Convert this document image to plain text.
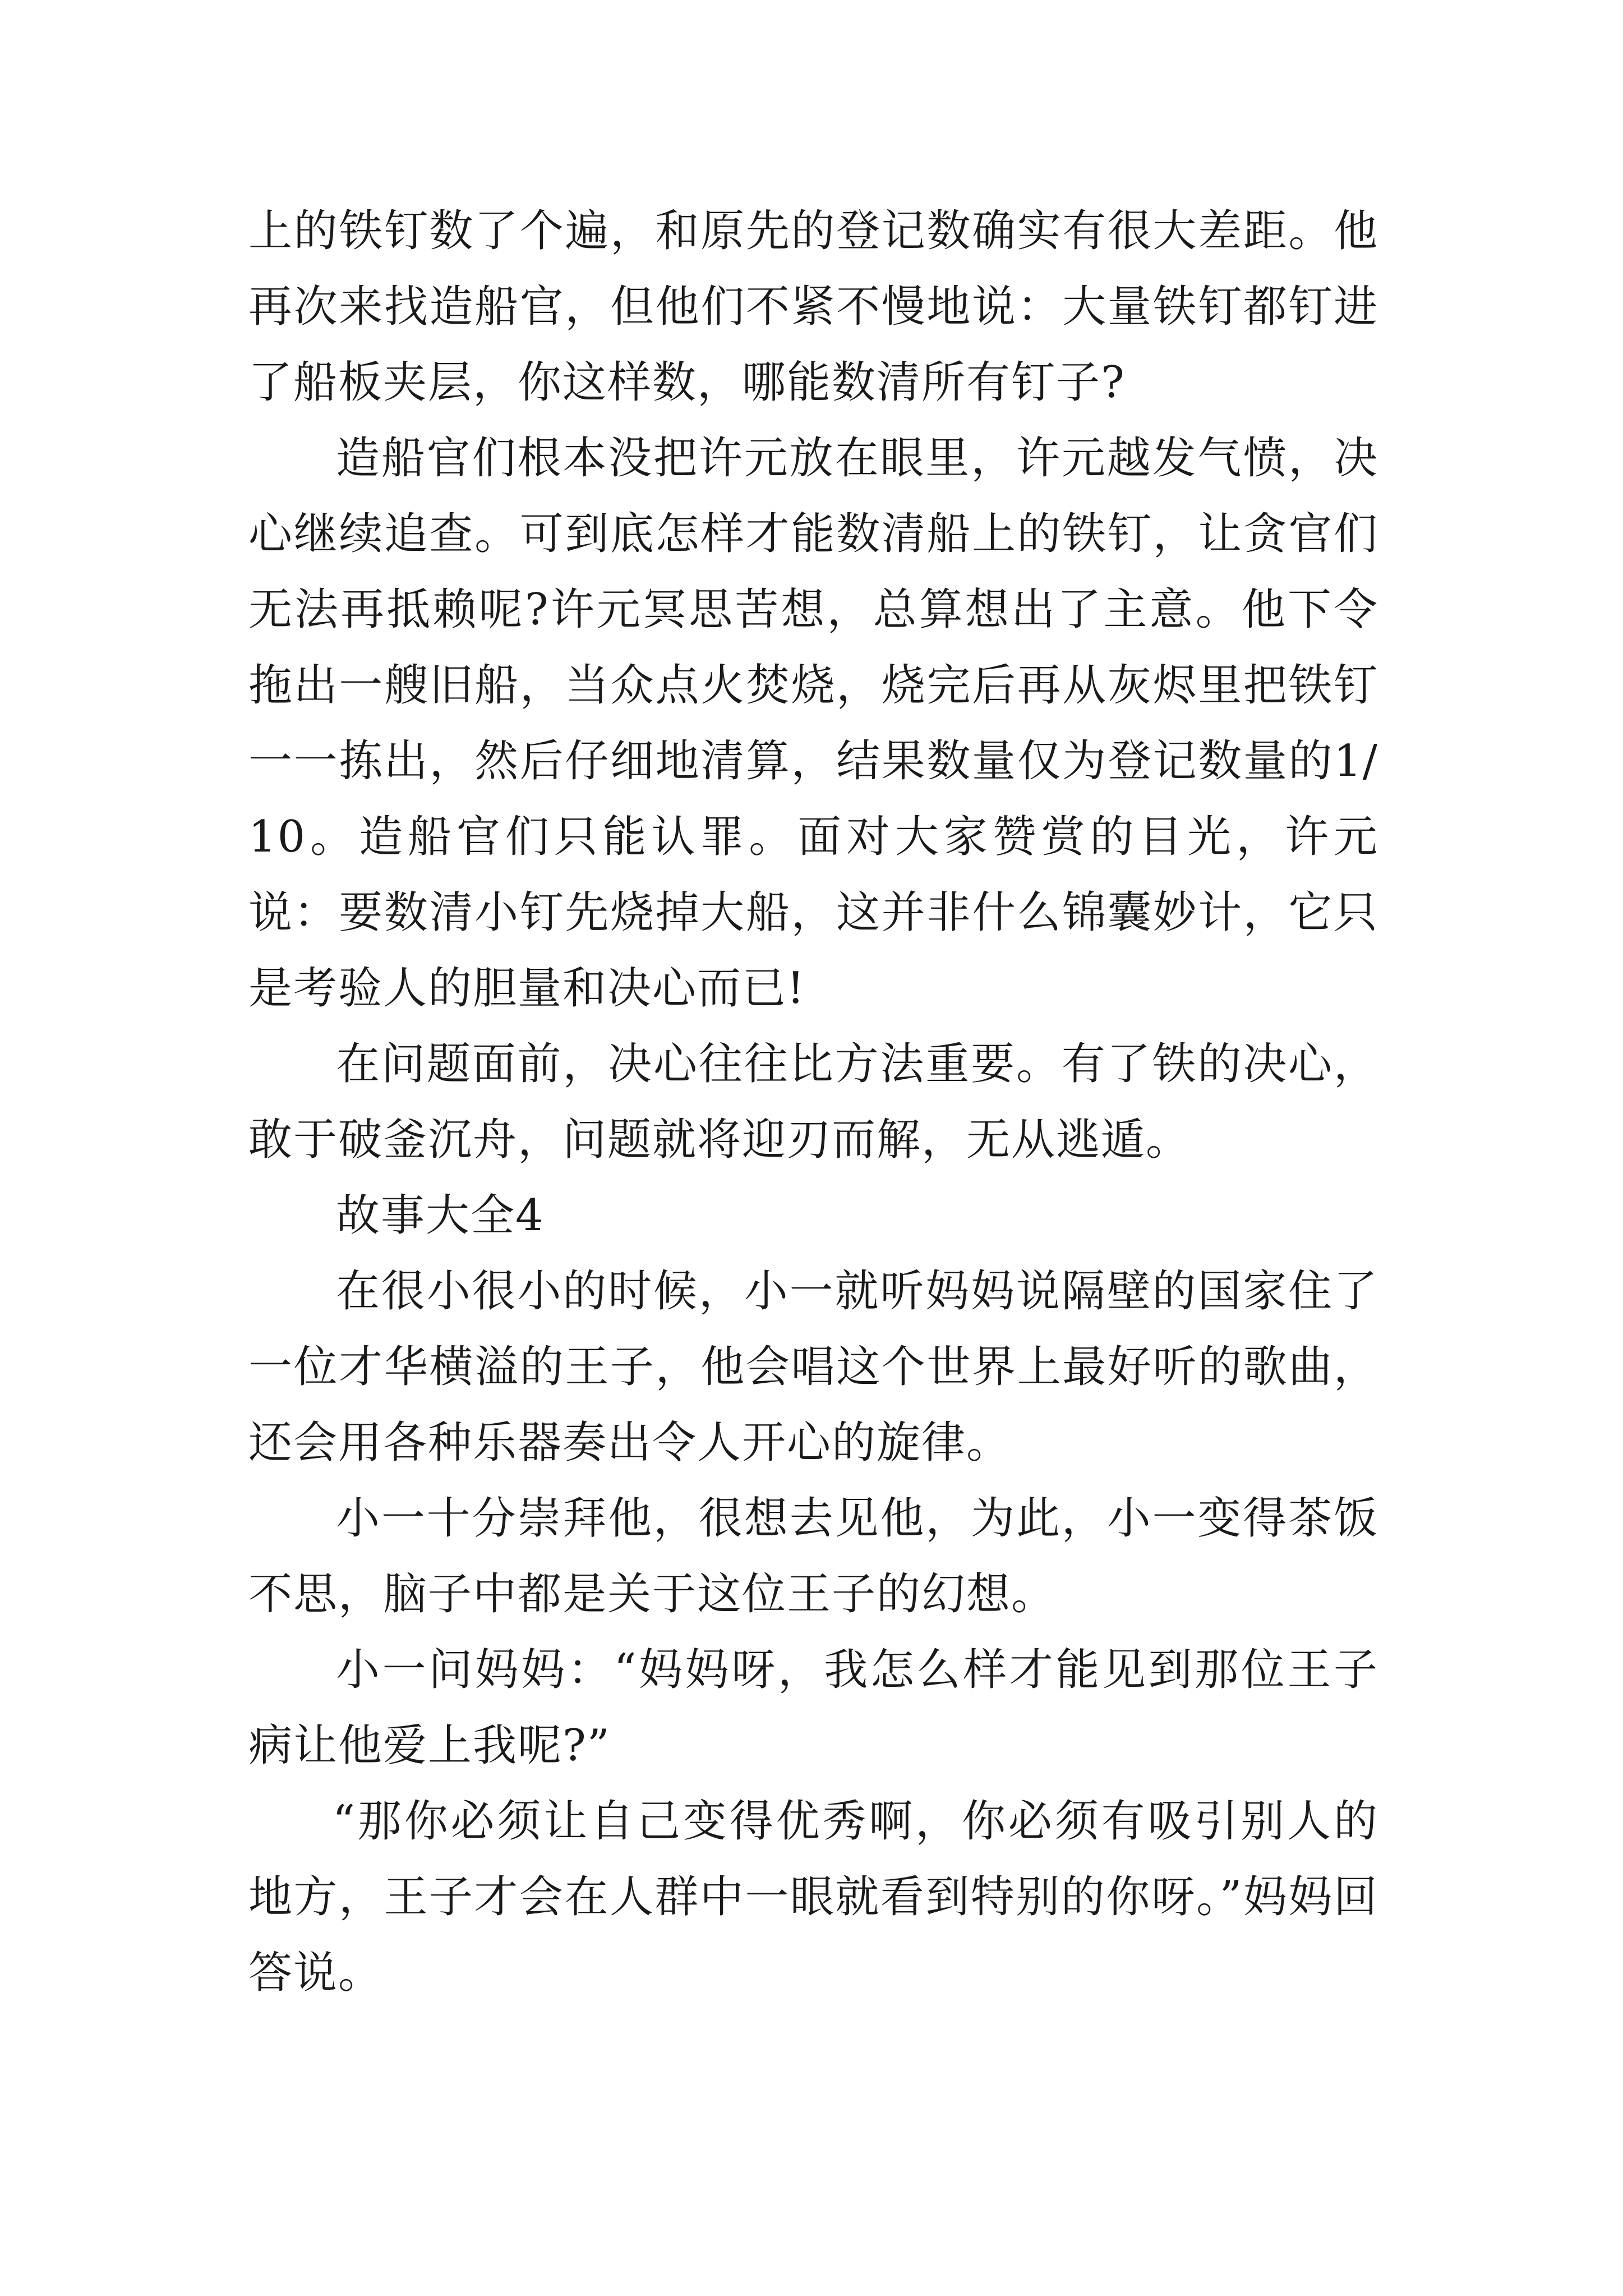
上的铁钉数了个遍，和原先的登记数确实有很大差距。他再次来找造船官，但他们不紧不慢地说：大量铁钉都钉进了船板夹层，你这样数，哪能数清所有钉子?

造船官们根本没把许元放在眼里，许元越发气愤，决心继续追查。可到底怎样才能数清船上的铁钉，让贪官们无法再抵赖呢?许元冥思苦想，总算想出了主意。他下令拖出一艘旧船，当众点火焚烧，烧完后再从灰烬里把铁钉一一拣出，然后仔细地清算，结果数量仅为登记数量的1/10。造船官们只能认罪。面对大家赞赏的目光，许元说：要数清小钉先烧掉大船，这并非什么锦囊妙计，它只是考验人的胆量和决心而已!

在问题面前，决心往往比方法重要。有了铁的决心，敢于破釜沉舟，问题就将迎刃而解，无从逃遁。

故事大全4

在很小很小的时候，小一就听妈妈说隔壁的国家住了一位才华横溢的王子，他会唱这个世界上最好听的歌曲，还会用各种乐器奏出令人开心的旋律。

小一十分崇拜他，很想去见他，为此，小一变得茶饭不思，脑子中都是关于这位王子的幻想。

小一问妈妈：“妈妈呀，我怎么样才能见到那位王子病让他爱上我呢?”

“那你必须让自己变得优秀啊，你必须有吸引别人的地方，王子才会在人群中一眼就看到特别的你呀。”妈妈回答说。
